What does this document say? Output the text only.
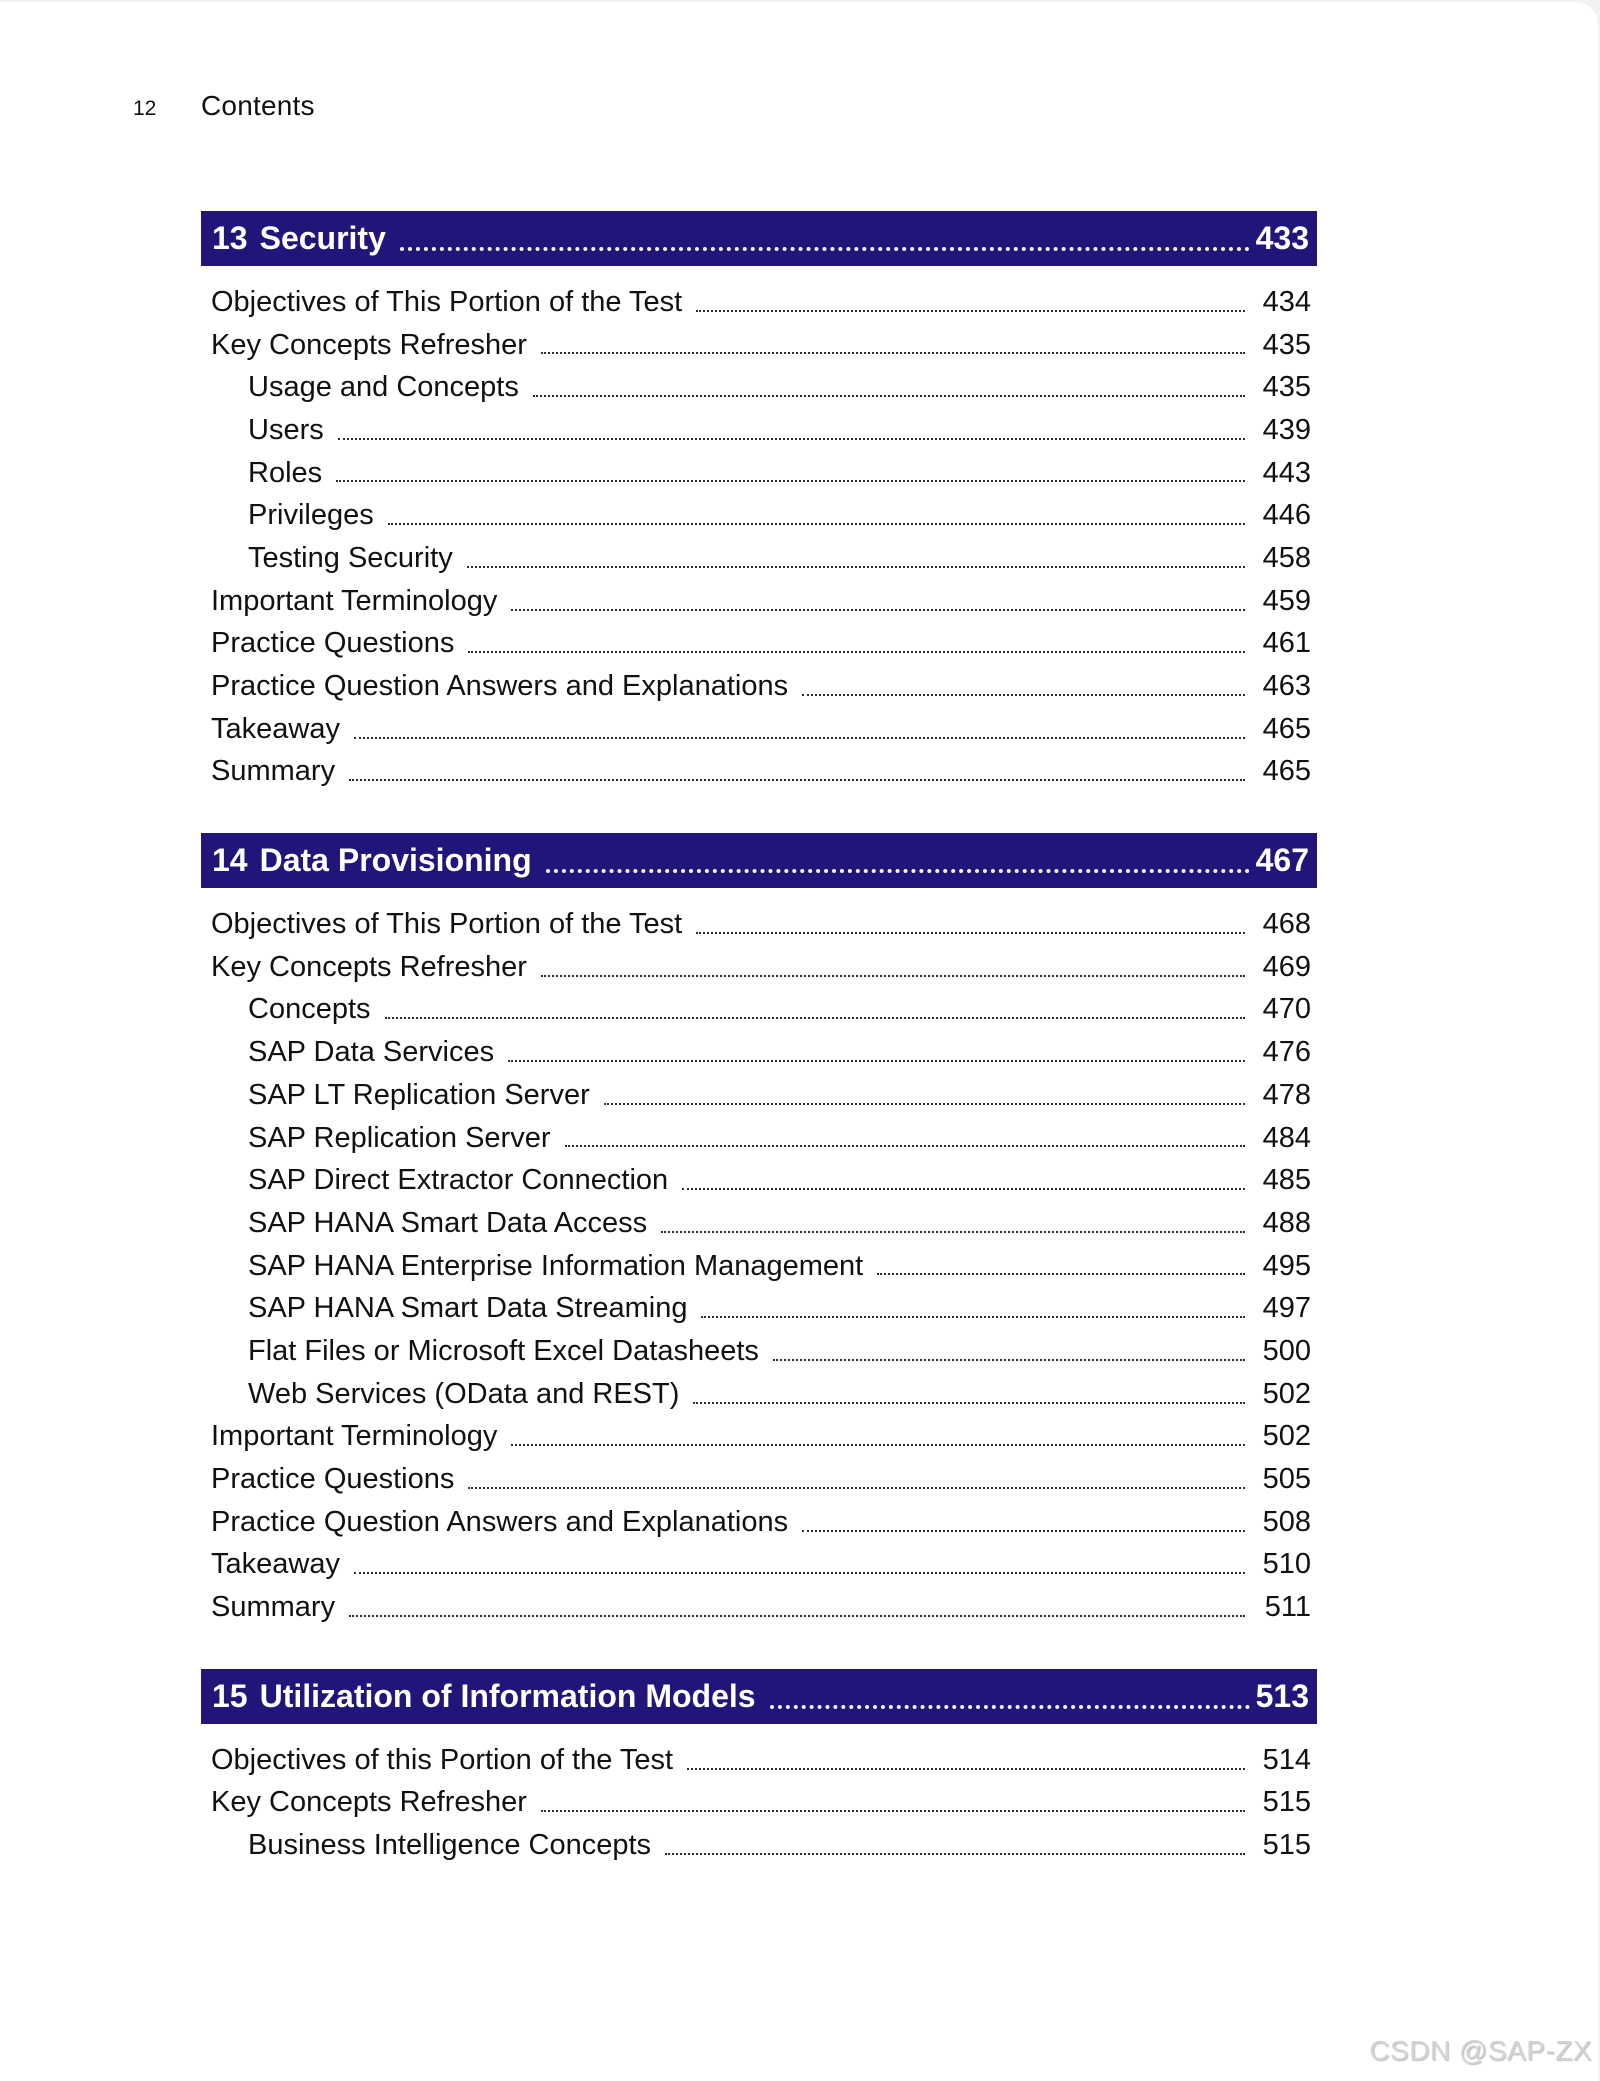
12	Contents
13 Security	433
Objectives of This Portion of the Test	434
Key Concepts Refresher	435
Usage and Concepts	435
Users	439
Roles	443
Privileges	446
Testing Security	458
Important Terminology	459
Practice Questions	461
Practice Question Answers and Explanations	463
Takeaway	465
Summary	465
14 Data Provisioning	467
Objectives of This Portion of the Test	468
Key Concepts Refresher	469
Concepts	470
SAP Data Services	476
SAP LT Replication Server	478
SAP Replication Server	484
SAP Direct Extractor Connection	485
SAP HANA Smart Data Access	488
SAP HANA Enterprise Information Management	495
SAP HANA Smart Data Streaming	497
Flat Files or Microsoft Excel Datasheets	500
Web Services (OData and REST)	502
Important Terminology	502
Practice Questions	505
Practice Question Answers and Explanations	508
Takeaway	510
Summary	511
15 Utilization of Information Models	513
Objectives of this Portion of the Test	514
Key Concepts Refresher	515
Business Intelligence Concepts	515
CSDN @SAP-ZX
